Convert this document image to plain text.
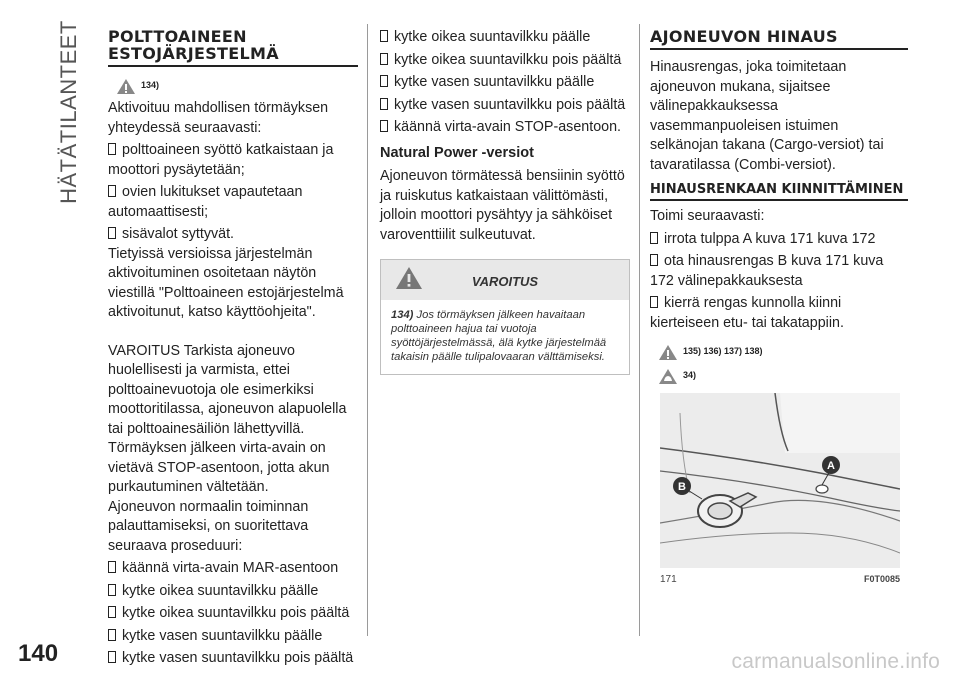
HÄTÄTILANTEET POLTTOAINEEN ESTOJÄRJESTELMÄ
134)

Aktivoituu mahdollisen törmäyksen yhteydessä seuraavasti:

polttoaineen syöttö katkaistaan ja moottori pysäytetään;
ovien lukitukset vapautetaan automaattisesti;
sisävalot syttyvät.

Tietyissä versioissa järjestelmän aktivoituminen osoitetaan näytön viestillä "Polttoaineen estojärjestelmä aktivoitunut, katso käyttöohjeita".

VAROITUS Tarkista ajoneuvo huolellisesti ja varmista, ettei polttoainevuotoja ole esimerkiksi moottoritilassa, ajoneuvon alapuolella tai polttoainesäiliön lähettyvillä.

Törmäyksen jälkeen virta-avain on vietävä STOP-asentoon, jotta akun purkautuminen vältetään.

Ajoneuvon normaalin toiminnan palauttamiseksi, on suoritettava seuraava proseduuri:

käännä virta-avain MAR-asentoon
kytke oikea suuntavilkku päälle
kytke oikea suuntavilkku pois päältä
kytke vasen suuntavilkku päälle
kytke vasen suuntavilkku pois päältä
kytke oikea suuntavilkku päälle
kytke oikea suuntavilkku pois päältä
kytke vasen suuntavilkku päälle
kytke vasen suuntavilkku pois päältä
käännä virta-avain STOP-asentoon.
Natural Power -versiot

Ajoneuvon törmätessä bensiinin syöttö ja ruiskutus katkaistaan välittömästi, jolloin moottori pysähtyy ja sähköiset varoventtiilit sulkeutuvat.

VAROITUS
134) Jos törmäyksen jälkeen havaitaan polttoaineen hajua tai vuotoja syöttöjärjestelmässä, älä kytke järjestelmää takaisin päälle tulipalovaaran välttämiseksi.
AJONEUVON HINAUS

Hinausrengas, joka toimitetaan ajoneuvon mukana, sijaitsee välinepakkauksessa vasemmanpuoleisen istuimen selkänojan takana (Cargo-versiot) tai tavaratilassa (Combi-versiot).

HINAUSRENKAAN KIINNITTÄMINEN

Toimi seuraavasti:

irrota tulppa A kuva 171 kuva 172
ota hinausrengas B kuva 171 kuva 172 välinepakkauksesta
kierrä rengas kunnolla kiinni kierteiseen etu- tai takatappiin.
135) 136) 137) 138)
34)
A
B
171	F0T0085
140	carmanualsonline.info
